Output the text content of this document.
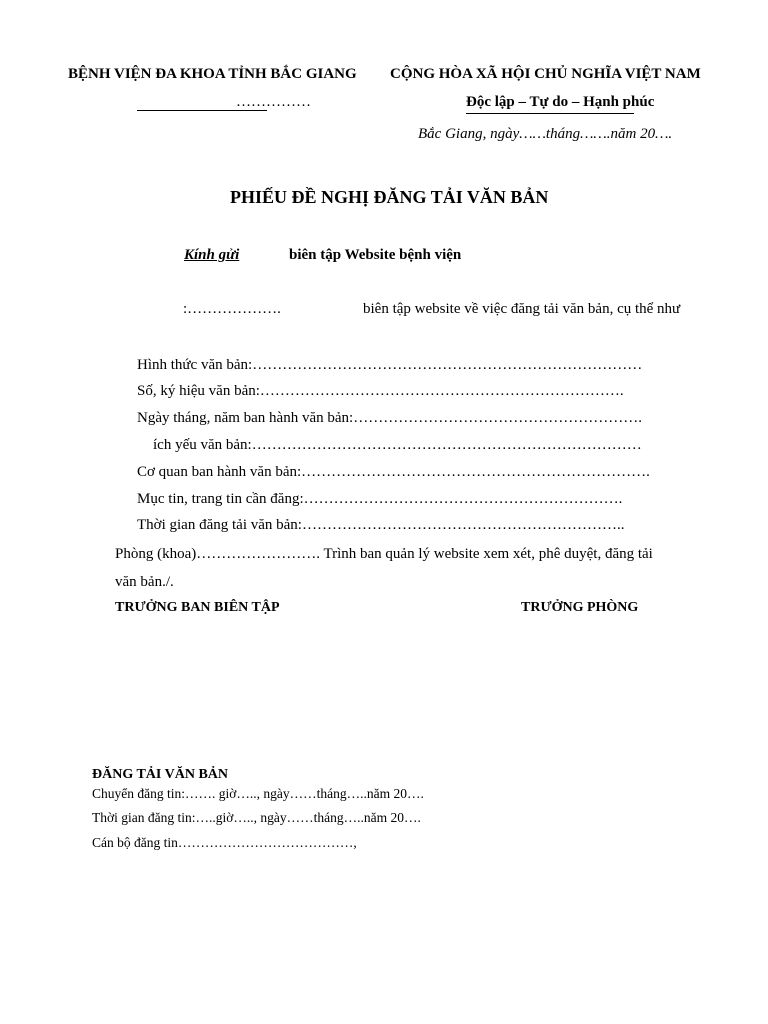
BỆNH VIỆN ĐA KHOA TỈNH BẮC GIANG CỘNG HÒA XÃ HỘI CHỦ NGHĨA VIỆT NAM
……………	Độc lập – Tự do – Hạnh phúc
Bắc Giang, ngày……tháng…….năm 20….
PHIẾU ĐỀ NGHỊ ĐĂNG TẢI VĂN BẢN
Kính gửi	biên tập Website bệnh viện
:……………….	biên tập website về việc đăng tải văn bản, cụ thể như
Hình thức văn bản:……………………………………………………………………
Số, ký hiệu văn bản:……………………………………………………………….
Ngày tháng, năm ban hành văn bản:………………………………………………….
ích yếu văn bản:……………………………………………………………………
Cơ quan ban hành văn bản:…………………………………………………………….
Mục tin, trang tin cần đăng:……………………………………………………….
Thời gian đăng tải văn bản:………………………………………………………..
Phòng (khoa)……………………. Trình ban quản lý website xem xét, phê duyệt, đăng tải
văn bản./.
TRƯỞNG BAN BIÊN TẬP	TRƯỞNG PHÒNG
ĐĂNG TẢI VĂN BẢN
Chuyển đăng tin:……. giờ….., ngày……tháng…..năm 20….
Thời gian đăng tin:…..giờ….., ngày……tháng…..năm 20….
Cán bộ đăng tin…………………………………,
